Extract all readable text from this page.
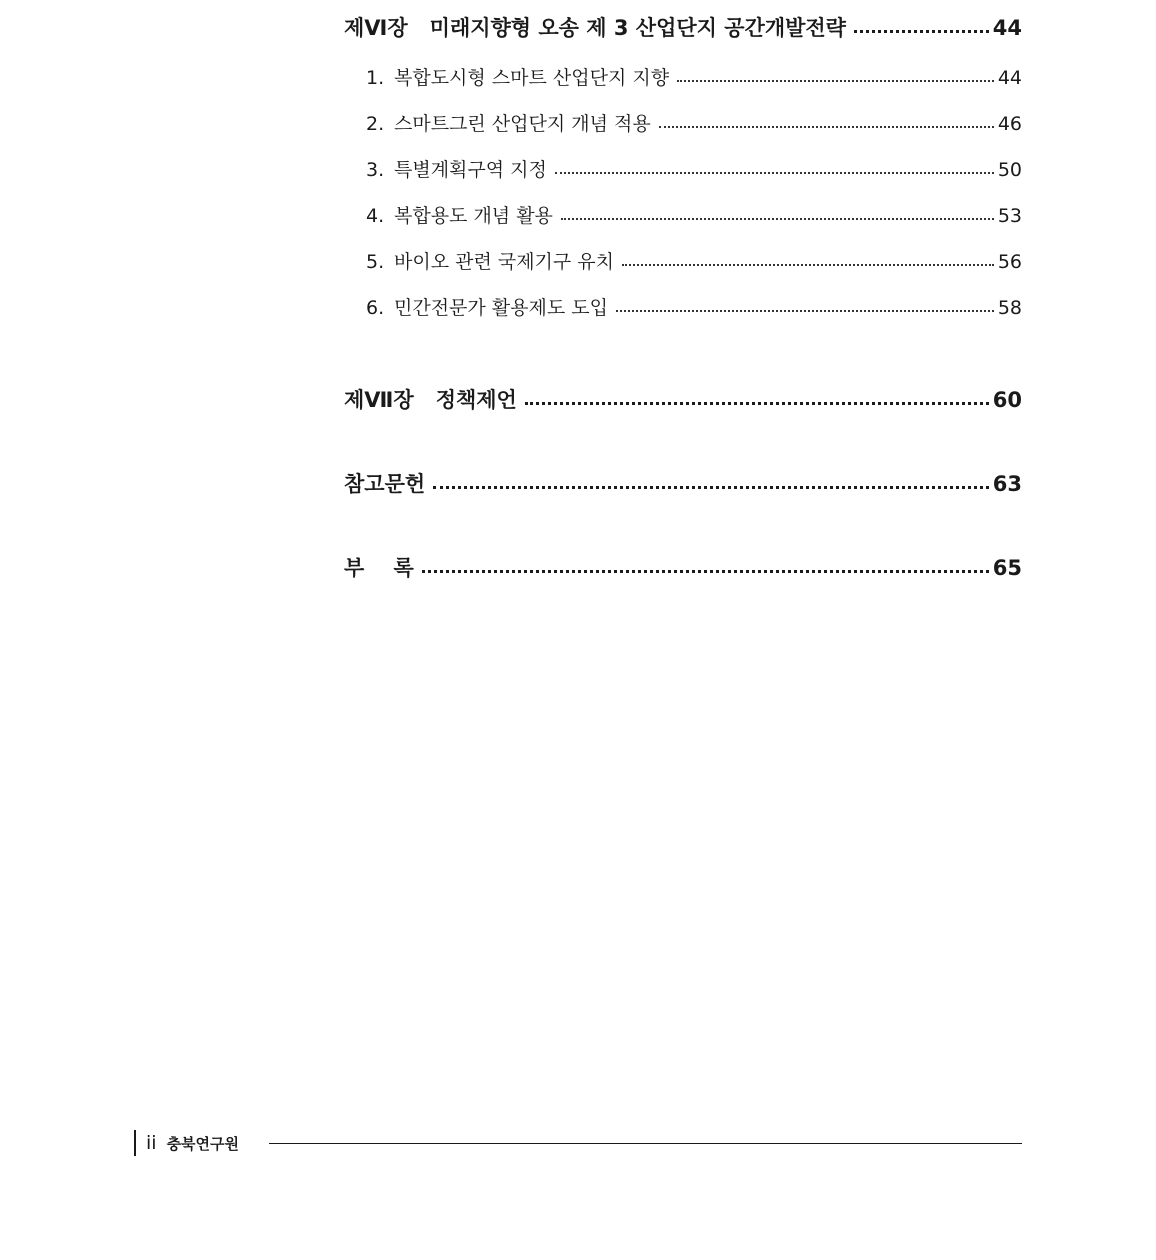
제Ⅵ장 미래지향형 오송 제 3 산업단지 공간개발전략	44
1. 복합도시형 스마트 산업단지 지향	44
2. 스마트그린 산업단지 개념 적용	46
3. 특별계획구역 지정	50
4. 복합용도 개념 활용	53
5. 바이오 관련 국제기구 유치	56
6. 민간전문가 활용제도 도입	58
제Ⅶ장 정책제언	60
참고문헌	63
부    록	65
ii 충북연구원
